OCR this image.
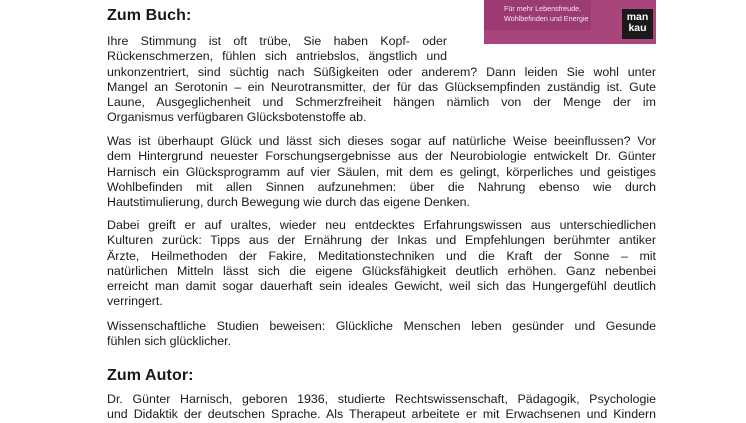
Für mehr Lebensfreude,
Wohlbefinden und Energie	man
kau
Zum Buch:
Ihre Stimmung ist oft trübe, Sie haben Kopf- oder
Rückenschmerzen, fühlen sich antriebslos, ängstlich und
unkonzentriert, sind süchtig nach Süßigkeiten oder anderem? Dann leiden Sie wohl unter
Mangel an Serotonin – ein Neurotransmitter, der für das Glücksempfinden zuständig ist. Gute
Laune, Ausgeglichenheit und Schmerzfreiheit hängen nämlich von der Menge der im
Organismus verfügbaren Glücksbotenstoffe ab.
Was ist überhaupt Glück und lässt sich dieses sogar auf natürliche Weise beeinflussen? Vor
dem Hintergrund neuester Forschungsergebnisse aus der Neurobiologie entwickelt Dr. Günter
Harnisch ein Glücksprogramm auf vier Säulen, mit dem es gelingt, körperliches und geistiges
Wohlbefinden mit allen Sinnen aufzunehmen: über die Nahrung ebenso wie durch
Hautstimulierung, durch Bewegung wie durch das eigene Denken.
Dabei greift er auf uraltes, wieder neu entdecktes Erfahrungswissen aus unterschiedlichen
Kulturen zurück: Tipps aus der Ernährung der Inkas und Empfehlungen berühmter antiker
Ärzte, Heilmethoden der Fakire, Meditationstechniken und die Kraft der Sonne – mit
natürlichen Mitteln lässt sich die eigene Glücksfähigkeit deutlich erhöhen. Ganz nebenbei
erreicht man damit sogar dauerhaft sein ideales Gewicht, weil sich das Hungergefühl deutlich
verringert.
Wissenschaftliche Studien beweisen: Glückliche Menschen leben gesünder und Gesunde
fühlen sich glücklicher.
Zum Autor:
Dr. Günter Harnisch, geboren 1936, studierte Rechtswissenschaft, Pädagogik, Psychologie
und Didaktik der deutschen Sprache. Als Therapeut arbeitete er mit Erwachsenen und Kindern
